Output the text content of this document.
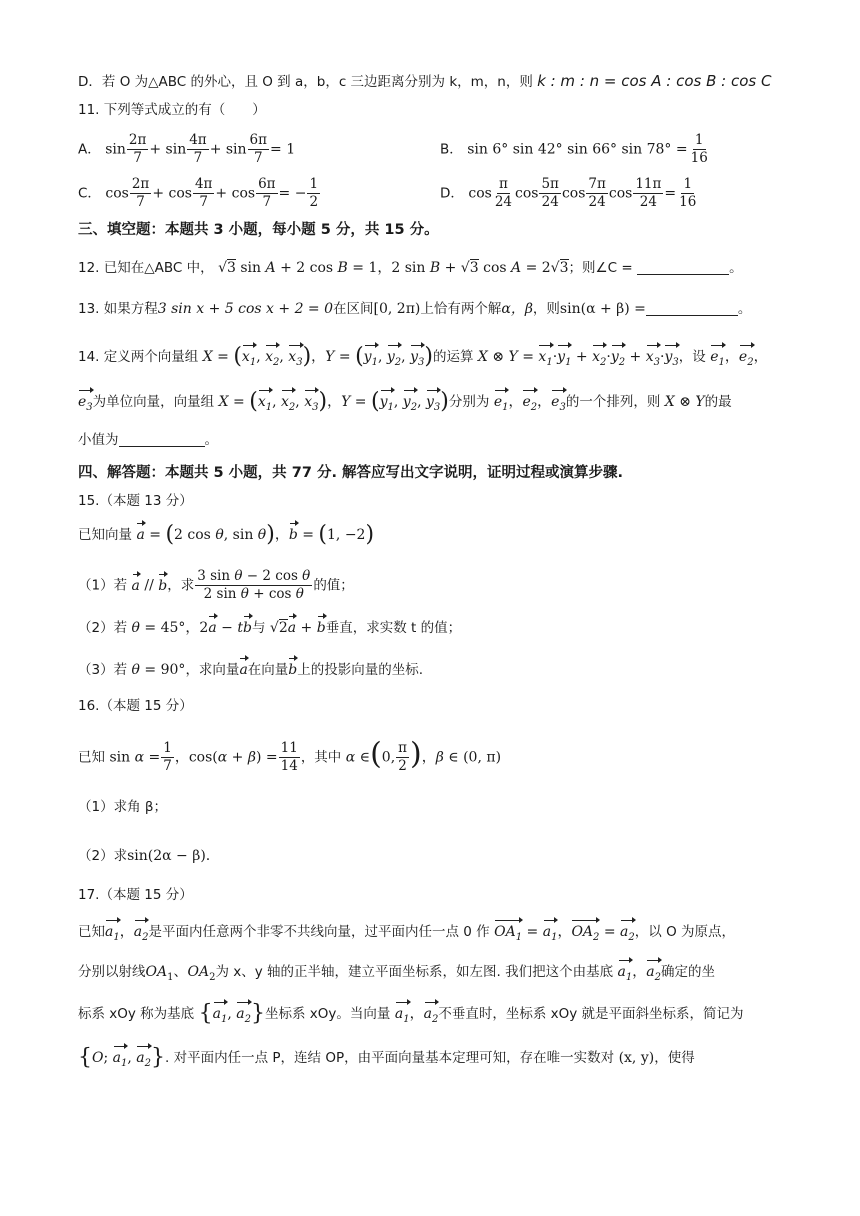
D．若 O 为△ABC 的外心，且 O 到 a，b，c 三边距离分别为 k，m，n，则 k : m : n = cos A : cos B : cos C
11. 下列等式成立的有（　　）
A． $\sin \frac{2\pi}{7} + \sin \frac{4\pi}{7} + \sin \frac{6\pi}{7} = 1$	B． sin 6° sin 42° sin 66° $\sin 78^\circ = \frac{1}{16}$
C． $\cos \frac{2\pi}{7} + \cos \frac{4\pi}{7} + \cos \frac{6\pi}{7}$ = − $\frac{1}{2}$	D． $\cos \frac{\pi}{24}$ $\cos \frac{5\pi}{24}$ $\cos \frac{7\pi}{24}$ $\cos \frac{11\pi}{24} = \frac{1}{16}$
三、填空题：本题共 3 小题，每小题 5 分，共 15 分。
12. 已知在△ABC 中， √3 sin A + 2 cos B = 1，2 sin B + √3 cos A = 2√3；则∠C =	。
13. 如果方程3 sin x + 5 cos x + 2 = 0在区间[0, 2π)上恰有两个解α，β，则sin(α + β) =	。
14. 定义两个向量组 $X = (x_1$, $x_2$, $x_3$)，$Y = (y_1$, $y_2$, $y_3$)的运算 X ⊗ $Y = x_1\cdot y_1 + x_2\cdot y_2 + x_3\cdot y_3$，设 $e_1$，$e_2$，
$e_3$为单位向量，向量组 $X = (x_1$, $x_2$, $x_3$)，$Y = (y_1$, $y_2$, $y_3$)分别为 $e_1$，$e_2$，$e_3$的一个排列，则 X ⊗ Y的最
小值为	。
四、解答题：本题共 5 小题，共 77 分. 解答应写出文字说明，证明过程或演算步骤.
15.（本题 13 分）
已知向量 a = (2 cos θ, sin θ)，b = (1, −2)
（1）若 a // b，求 $\frac{\text{3 sin θ − 2 cos θ}}{\text{2 sin θ + cos θ}}$ 的值；
（2）若 θ = 45°，2a − tb与 √2a + b垂直，求实数 t 的值；
（3）若 θ = 90°，求向量a在向量b上的投影向量的坐标.
16.（本题 15 分）
已知 $\sin \alpha = \frac{1}{7}$ ，$\cos(\alpha + \beta) = \frac{11}{14}$ ，其中 α ∈(0, $\frac{\pi}{2}$ )，β ∈ (0, π)
（1）求角 β；
（2）求sin(2α − β).
17.（本题 15 分）
已知$a_1$，$a_2$是平面内任意两个非零不共线向量，过平面内任一点 0 作 $OA_1 = a_1$，$OA_2 = a_2$，以 O 为原点，
分别以射线$OA_1$、$OA_2$为 x、y 轴的正半轴，建立平面坐标系，如左图. 我们把这个由基底 $a_1$，$a_2$确定的坐
标系 xOy 称为基底 {$a_1$, $a_2$}坐标系 xOy。当向量 $a_1$，$a_2$不垂直时，坐标系 xOy 就是平面斜坐标系，简记为
{O; $a_1$, $a_2$}. 对平面内任一点 P，连结 OP，由平面向量基本定理可知，存在唯一实数对 (x, y)，使得
